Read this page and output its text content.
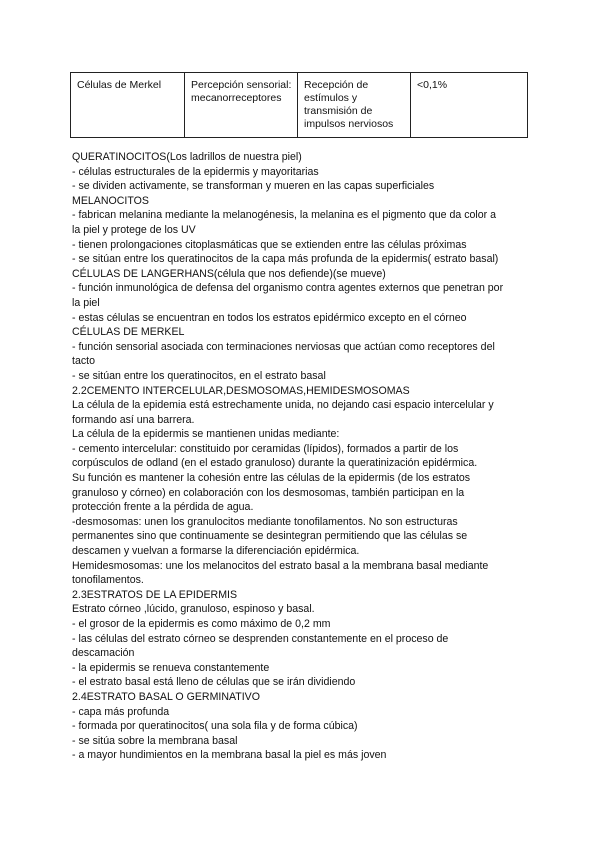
Células de Merkel	Percepción sensorial: mecanorreceptores	Recepción de estímulos y transmisión de impulsos nerviosos	<0,1%
QUERATINOCITOS(Los ladrillos de nuestra piel)
- células estructurales de la epidermis y mayoritarias
- se dividen activamente, se transforman y mueren en las capas superficiales
MELANOCITOS
- fabrican melanina mediante la melanogénesis, la melanina es el pigmento que da color a
la piel y protege de los UV
- tienen prolongaciones citoplasmáticas que se extienden entre las células próximas
- se sitúan entre los queratinocitos de la capa más profunda de la epidermis( estrato basal)
CÉLULAS DE LANGERHANS(célula que nos defiende)(se mueve)
- función inmunológica de defensa del organismo contra agentes externos que penetran por
la piel
- estas células se encuentran en todos los estratos epidérmico excepto en el córneo
CÉLULAS DE MERKEL
- función sensorial asociada con terminaciones nerviosas que actúan como receptores del
tacto
- se sitúan entre los queratinocitos, en el estrato basal
2.2CEMENTO INTERCELULAR,DESMOSOMAS,HEMIDESMOSOMAS
La célula de la epidemia está estrechamente unida, no dejando casi espacio intercelular y
formando así una barrera.
La célula de la epidermis se mantienen unidas mediante:
- cemento intercelular: constituido por ceramidas (lípidos), formados a partir de los
corpúsculos de odland (en el estado granuloso) durante la queratinización epidérmica.
Su función es mantener la cohesión entre las células de la epidermis (de los estratos
granuloso y córneo) en colaboración con los desmosomas, también participan en la
protección frente a la pérdida de agua.
-desmosomas: unen los granulocitos mediante tonofilamentos. No son estructuras
permanentes sino que continuamente se desintegran permitiendo que las células se
descamen y vuelvan a formarse la diferenciación epidérmica.
Hemidesmosomas: une los melanocitos del estrato basal a la membrana basal mediante
tonofilamentos.
2.3ESTRATOS DE LA EPIDERMIS
Estrato córneo ,lúcido, granuloso, espinoso y basal.
- el grosor de la epidermis es como máximo de 0,2 mm
- las células del estrato córneo se desprenden constantemente en el proceso de
descamación
- la epidermis se renueva constantemente
- el estrato basal está lleno de células que se irán dividiendo
2.4ESTRATO BASAL O GERMINATIVO
- capa más profunda
- formada por queratinocitos( una sola fila y de forma cúbica)
- se sitúa sobre la membrana basal
- a mayor hundimientos en la membrana basal la piel es más joven
